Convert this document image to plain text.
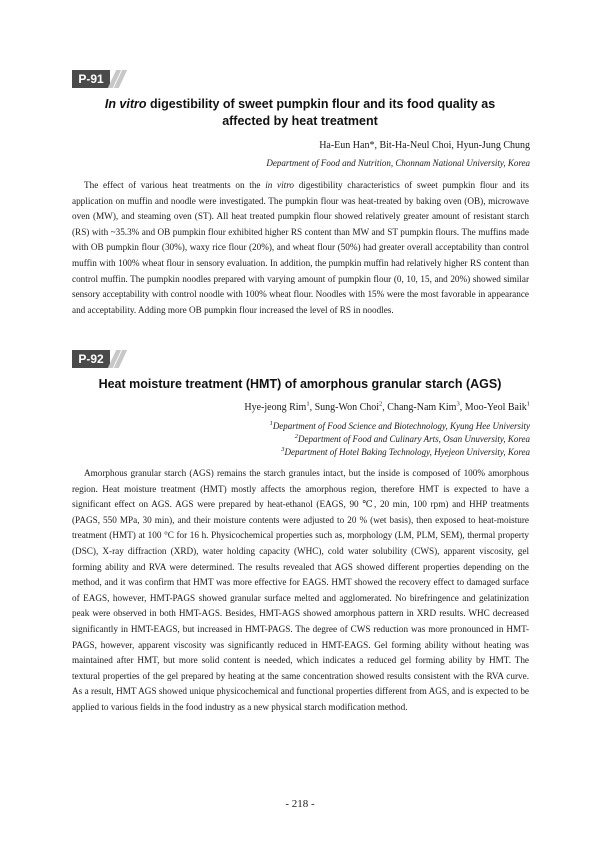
P-91
In vitro digestibility of sweet pumpkin flour and its food quality as
affected by heat treatment
Ha-Eun Han*, Bit-Ha-Neul Choi, Hyun-Jung Chung
Department of Food and Nutrition, Chonnam National University, Korea

The effect of various heat treatments on the in vitro digestibility characteristics of sweet pumpkin flour and its application on muffin and noodle were investigated. The pumpkin flour was heat-treated by baking oven (OB), microwave oven (MW), and steaming oven (ST). All heat treated pumpkin flour showed relatively greater amount of resistant starch (RS) with ~35.3% and OB pumpkin flour exhibited higher RS content than MW and ST pumpkin flours. The muffins made with OB pumpkin flour (30%), waxy rice flour (20%), and wheat flour (50%) had greater overall acceptability than control muffin with 100% wheat flour in sensory evaluation. In addition, the pumpkin muffin had relatively higher RS content than control muffin. The pumpkin noodles prepared with varying amount of pumpkin flour (0, 10, 15, and 20%) showed similar sensory acceptability with control noodle with 100% wheat flour. Noodles with 15% were the most favorable in appearance and acceptability. Adding more OB pumpkin flour increased the level of RS in noodles.

P-92
Heat moisture treatment (HMT) of amorphous granular starch (AGS)
Hye-jeong Rim$^1$, Sung-Won Choi$^2$, Chang-Nam Kim$^3$, Moo-Yeol Baik$^1$
$^1$Department of Food Science and Biotechnology, Kyung Hee University
$^2$Department of Food and Culinary Arts, Osan Unuversity, Korea
$^3$Department of Hotel Baking Technology, Hyejeon University, Korea

Amorphous granular starch (AGS) remains the starch granules intact, but the inside is composed of 100% amorphous region. Heat moisture treatment (HMT) mostly affects the amorphous region, therefore HMT is expected to have a significant effect on AGS. AGS were prepared by heat-ethanol (EAGS, 90 ℃, 20 min, 100 rpm) and HHP treatments (PAGS, 550 MPa, 30 min), and their moisture contents were adjusted to 20 % (wet basis), then exposed to heat-moisture treatment (HMT) at 100 °C for 16 h. Physicochemical properties such as, morphology (LM, PLM, SEM), thermal property (DSC), X-ray diffraction (XRD), water holding capacity (WHC), cold water solubility (CWS), apparent viscosity, gel forming ability and RVA were determined. The results revealed that AGS showed different properties depending on the method, and it was confirm that HMT was more effective for EAGS. HMT showed the recovery effect to damaged surface of EAGS, however, HMT-PAGS showed granular surface melted and agglomerated. No birefringence and gelatinization peak were observed in both HMT-AGS. Besides, HMT-AGS showed amorphous pattern in XRD results. WHC decreased significantly in HMT-EAGS, but increased in HMT-PAGS. The degree of CWS reduction was more pronounced in HMT-PAGS, however, apparent viscosity was significantly reduced in HMT-EAGS. Gel forming ability without heating was maintained after HMT, but more solid content is needed, which indicates a reduced gel forming ability by HMT. The textural properties of the gel prepared by heating at the same concentration showed results consistent with the RVA curve. As a result, HMT AGS showed unique physicochemical and functional properties different from AGS, and is expected to be applied to various fields in the food industry as a new physical starch modification method.

- 218 -
